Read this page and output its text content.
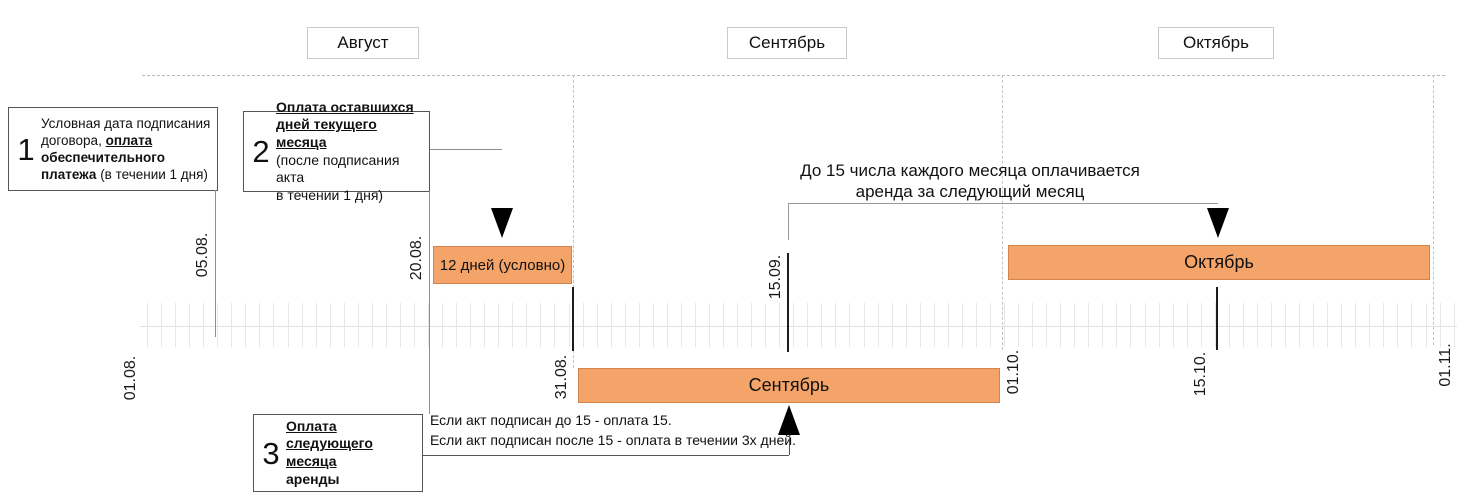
Август	Сентябрь	Октябрь
1
Условная дата подписания
договора, оплата
обеспечительного
платежа (в течении 1 дня)
2
Оплата оставшихся
дней текущего месяца
(после подписания акта
в течении 1 дня)
3
Оплата
следующего месяца
аренды
До 15 числа каждого месяца оплачивается
аренда за следующий месяц
12 дней (условно)
Сентябрь
Октябрь
Если акт подписан до 15 - оплата 15.
Если акт подписан после 15 - оплата в течении 3х дней.
01.08.
05.08.	20.08.
31.08.
15.09.
01.10.	15.10.	01.11.
